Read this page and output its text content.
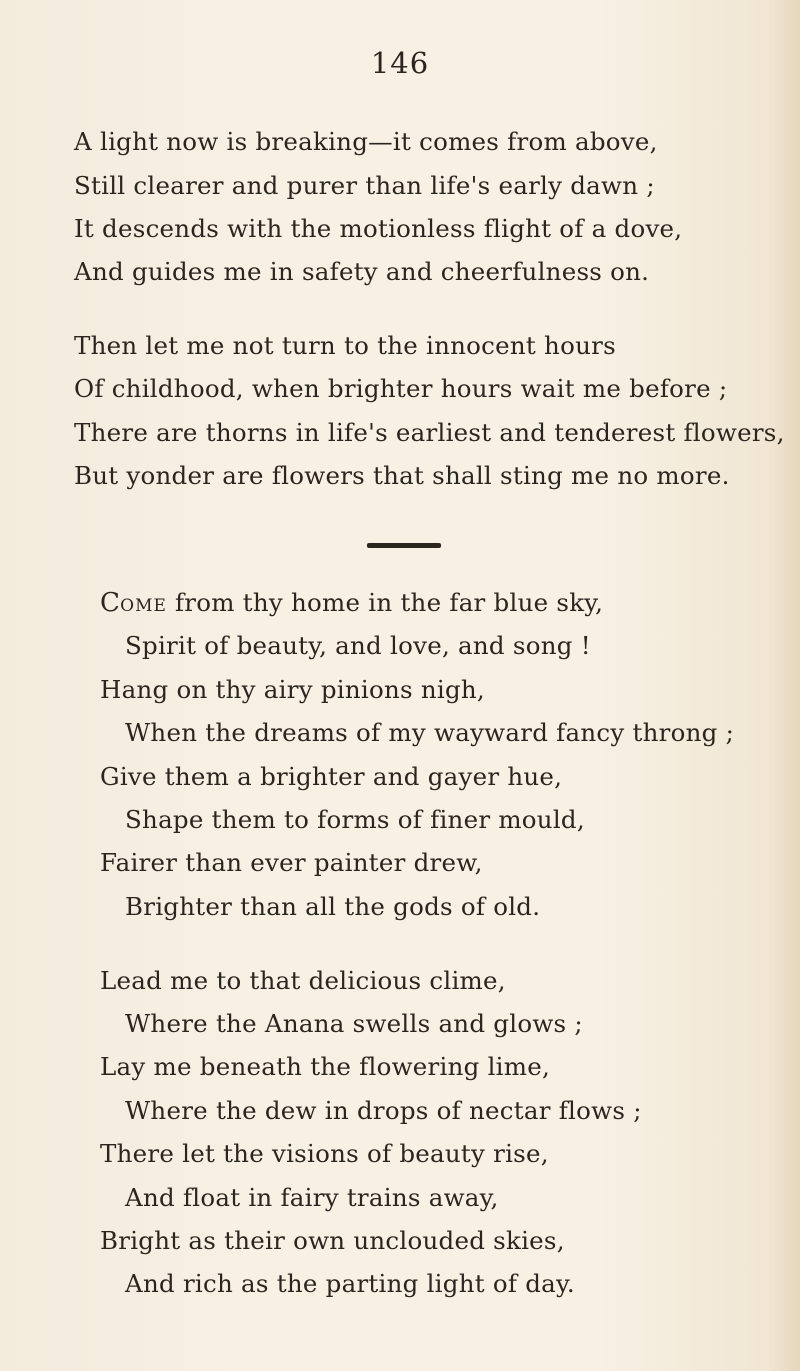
146
A light now is breaking—it comes from above,
Still clearer and purer than life's early dawn ;
It descends with the motionless flight of a dove,
And guides me in safety and cheerfulness on.
Then let me not turn to the innocent hours
Of childhood, when brighter hours wait me before ;
There are thorns in life's earliest and tenderest flowers,
But yonder are flowers that shall sting me no more.
Come from thy home in the far blue sky,
Spirit of beauty, and love, and song !
Hang on thy airy pinions nigh,
When the dreams of my wayward fancy throng ;
Give them a brighter and gayer hue,
Shape them to forms of finer mould,
Fairer than ever painter drew,
Brighter than all the gods of old.
Lead me to that delicious clime,
Where the Anana swells and glows ;
Lay me beneath the flowering lime,
Where the dew in drops of nectar flows ;
There let the visions of beauty rise,
And float in fairy trains away,
Bright as their own unclouded skies,
And rich as the parting light of day.
